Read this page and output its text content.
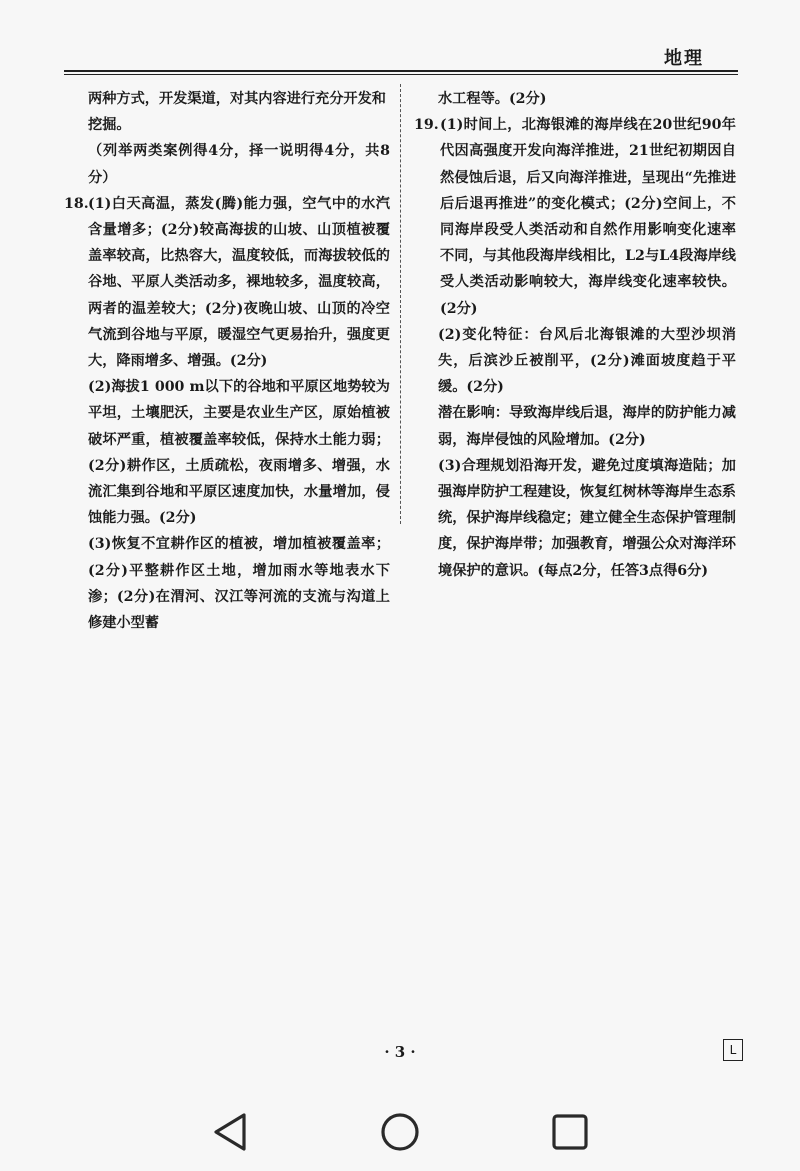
地理

两种方式，开发渠道，对其内容进行充分开发和

挖掘。

（列举两类案例得4分，择一说明得4分，共8分）

18. (1)白天高温，蒸发(腾)能力强，空气中的水汽含量增多；(2分)较高海拔的山坡、山顶植被覆盖率较高，比热容大，温度较低，而海拔较低的谷地、平原人类活动多，裸地较多，温度较高，两者的温差较大；(2分)夜晚山坡、山顶的冷空气流到谷地与平原，暖湿空气更易抬升，强度更大，降雨增多、增强。(2分)

(2)海拔1 000 m以下的谷地和平原区地势较为平坦，土壤肥沃，主要是农业生产区，原始植被破坏严重，植被覆盖率较低，保持水土能力弱；(2分)耕作区，土质疏松，夜雨增多、增强，水流汇集到谷地和平原区速度加快，水量增加，侵蚀能力强。(2分)

(3)恢复不宜耕作区的植被，增加植被覆盖率；(2分)平整耕作区土地，增加雨水等地表水下渗；(2分)在渭河、汉江等河流的支流与沟道上修建小型蓄

水工程等。(2分)

19. (1)时间上，北海银滩的海岸线在20世纪90年代因高强度开发向海洋推进，21世纪初期因自然侵蚀后退，后又向海洋推进，呈现出“先推进后后退再推进”的变化模式；(2分)空间上，不同海岸段受人类活动和自然作用影响变化速率不同，与其他段海岸线相比，L2与L4段海岸线受人类活动影响较大，海岸线变化速率较快。(2分)

(2)变化特征：台风后北海银滩的大型沙坝消失，后滨沙丘被削平，(2分)滩面坡度趋于平缓。(2分)

潜在影响：导致海岸线后退，海岸的防护能力减弱，海岸侵蚀的风险增加。(2分)

(3)合理规划沿海开发，避免过度填海造陆；加强海岸防护工程建设，恢复红树林等海岸生态系统，保护海岸线稳定；建立健全生态保护管理制度，保护海岸带；加强教育，增强公众对海洋环境保护的意识。(每点2分，任答3点得6分)

· 3 ·	L
